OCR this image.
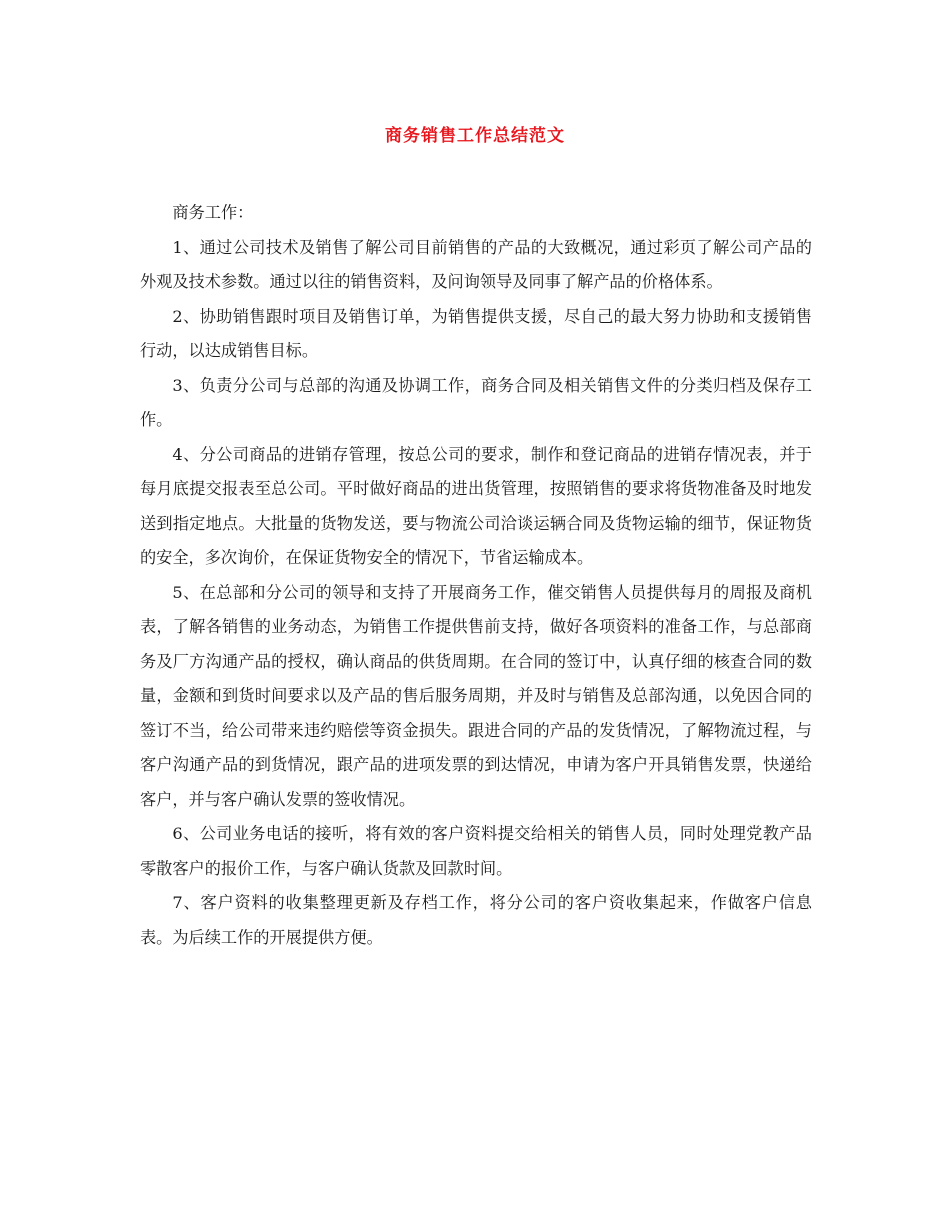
商务销售工作总结范文

商务工作：

1、通过公司技术及销售了解公司目前销售的产品的大致概况，通过彩页了解公司产品的外观及技术参数。通过以往的销售资料，及问询领导及同事了解产品的价格体系。

2、协助销售跟时项目及销售订单，为销售提供支援，尽自己的最大努力协助和支援销售行动，以达成销售目标。

3、负责分公司与总部的沟通及协调工作，商务合同及相关销售文件的分类归档及保存工作。

4、分公司商品的进销存管理，按总公司的要求，制作和登记商品的进销存情况表，并于每月底提交报表至总公司。平时做好商品的进出货管理，按照销售的要求将货物准备及时地发送到指定地点。大批量的货物发送，要与物流公司洽谈运辆合同及货物运输的细节，保证物货的安全，多次询价，在保证货物安全的情况下，节省运输成本。

5、在总部和分公司的领导和支持了开展商务工作，催交销售人员提供每月的周报及商机表，了解各销售的业务动态，为销售工作提供售前支持，做好各项资料的准备工作，与总部商务及厂方沟通产品的授权，确认商品的供货周期。在合同的签订中，认真仔细的核查合同的数量，金额和到货时间要求以及产品的售后服务周期，并及时与销售及总部沟通，以免因合同的签订不当，给公司带来违约赔偿等资金损失。跟进合同的产品的发货情况，了解物流过程，与客户沟通产品的到货情况，跟产品的进项发票的到达情况，申请为客户开具销售发票，快递给客户，并与客户确认发票的签收情况。

6、公司业务电话的接听，将有效的客户资料提交给相关的销售人员，同时处理党教产品零散客户的报价工作，与客户确认货款及回款时间。

7、客户资料的收集整理更新及存档工作，将分公司的客户资收集起来，作做客户信息表。为后续工作的开展提供方便。
